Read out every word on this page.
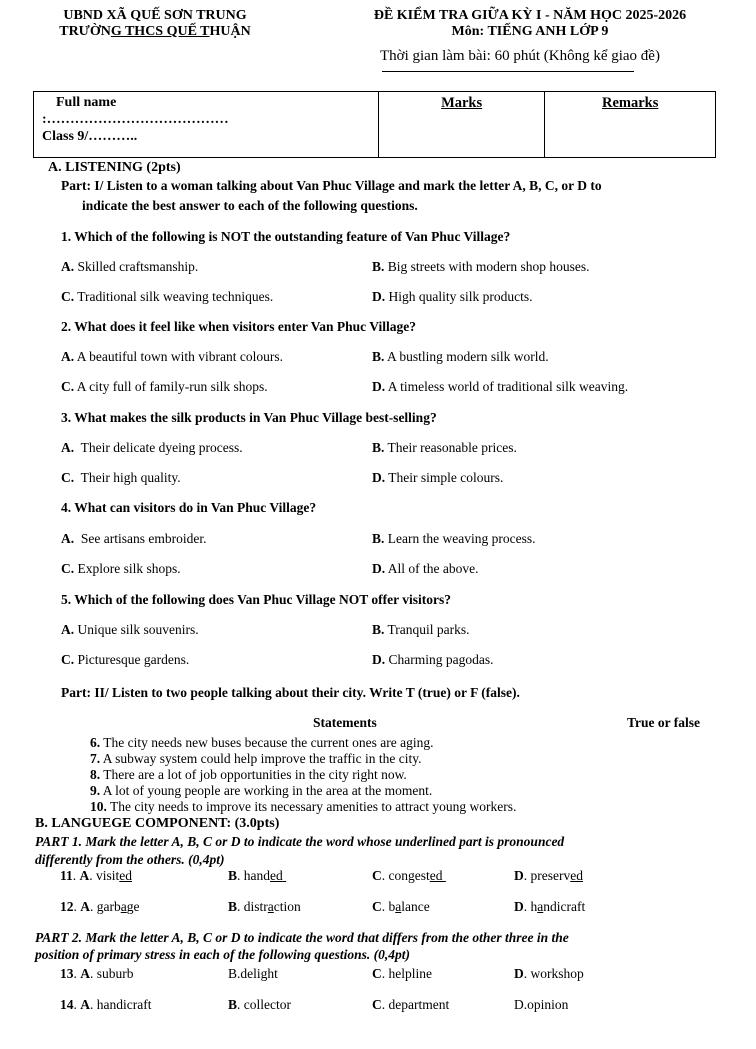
UBND XÃ QUẾ SƠN TRUNG
TRƯỜNG THCS QUẾ THUẬN
ĐỀ KIỂM TRA GIỮA KỲ I - NĂM HỌC 2025-2026
Môn: TIẾNG ANH LỚP 9
Thời gian làm bài: 60 phút (Không kể giao đề)
Full name
:…………………………………
Class 9/………..

Marks	Remarks
A. LISTENING (2pts)
Part: I/ Listen to a woman talking about Van Phuc Village and mark the letter A, B, C, or D to
indicate the best answer to each of the following questions.
1. Which of the following is NOT the outstanding feature of Van Phuc Village?
A. Skilled craftsmanship.	B. Big streets with modern shop houses.
C. Traditional silk weaving techniques.	D. High quality silk products.
2. What does it feel like when visitors enter Van Phuc Village?
A. A beautiful town with vibrant colours.	B. A bustling modern silk world.
C. A city full of family-run silk shops.	D. A timeless world of traditional silk weaving.
3. What makes the silk products in Van Phuc Village best-selling?
A. Their delicate dyeing process.	B. Their reasonable prices.
C. Their high quality.	D. Their simple colours.
4. What can visitors do in Van Phuc Village?
A. See artisans embroider.	B. Learn the weaving process.
C. Explore silk shops.	D. All of the above.
5. Which of the following does Van Phuc Village NOT offer visitors?
A. Unique silk souvenirs.	B. Tranquil parks.
C. Picturesque gardens.	D. Charming pagodas.
Part: II/ Listen to two people talking about their city. Write T (true) or F (false).
Statements	True or false
6. The city needs new buses because the current ones are aging.
7. A subway system could help improve the traffic in the city.
8. There are a lot of job opportunities in the city right now.
9. A lot of young people are working in the area at the moment.
10. The city needs to improve its necessary amenities to attract young workers.
B. LANGUEGE COMPONENT: (3.0pts)
PART 1. Mark the letter A, B, C or D to indicate the word whose underlined part is pronounced
differently from the others. (0,4pt)
11. A. visited	B. handed	C. congested	D. preserved
12. A. garbage	B. distraction	C. balance	D. handicraft
PART 2. Mark the letter A, B, C or D to indicate the word that differs from the other three in the
position of primary stress in each of the following questions. (0,4pt)
13. A. suburb	B.delight	C. helpline	D. workshop
14. A. handicraft	B. collector	C. department	D.opinion
